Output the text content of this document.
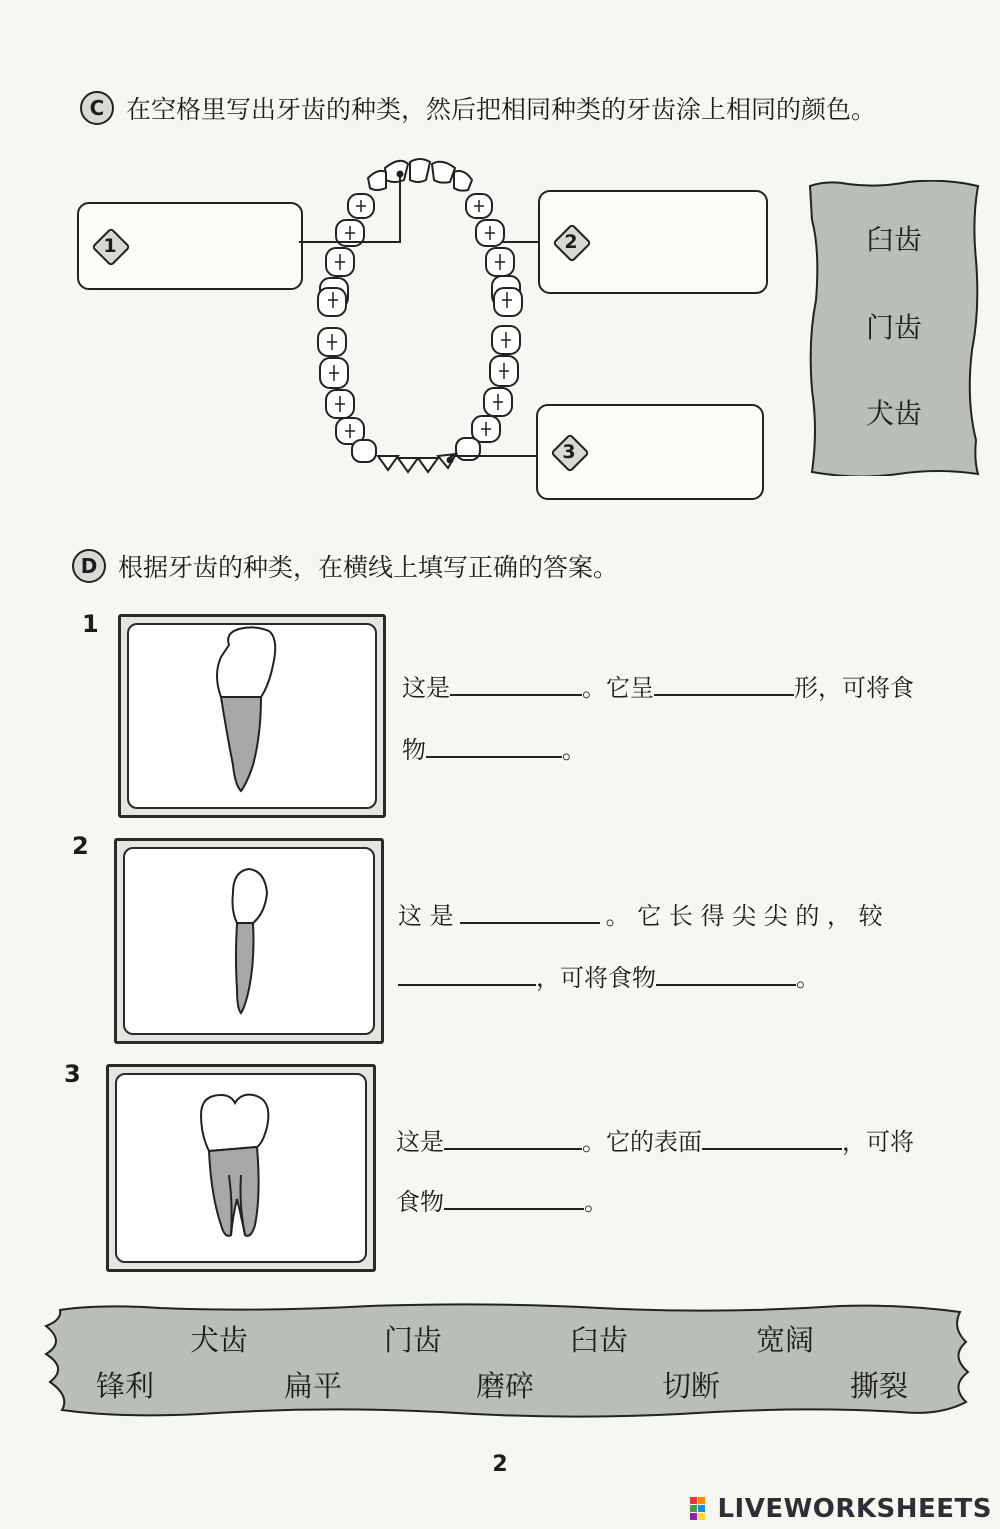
C 在空格里写出牙齿的种类，然后把相同种类的牙齿涂上相同的颜色。
1	2
3
臼齿
门齿
犬齿
D 根据牙齿的种类，在横线上填写正确的答案。
1
这是	。它呈	形，可将食
物	。
2
这 是	。 它 长 得 尖 尖 的 ， 较
，可将食物	。
3
这是	。它的表面	，可将
食物	。
犬齿	门齿	臼齿	宽阔
锋利	扁平	磨碎	切断	撕裂
2
LIVEWORKSHEETS
